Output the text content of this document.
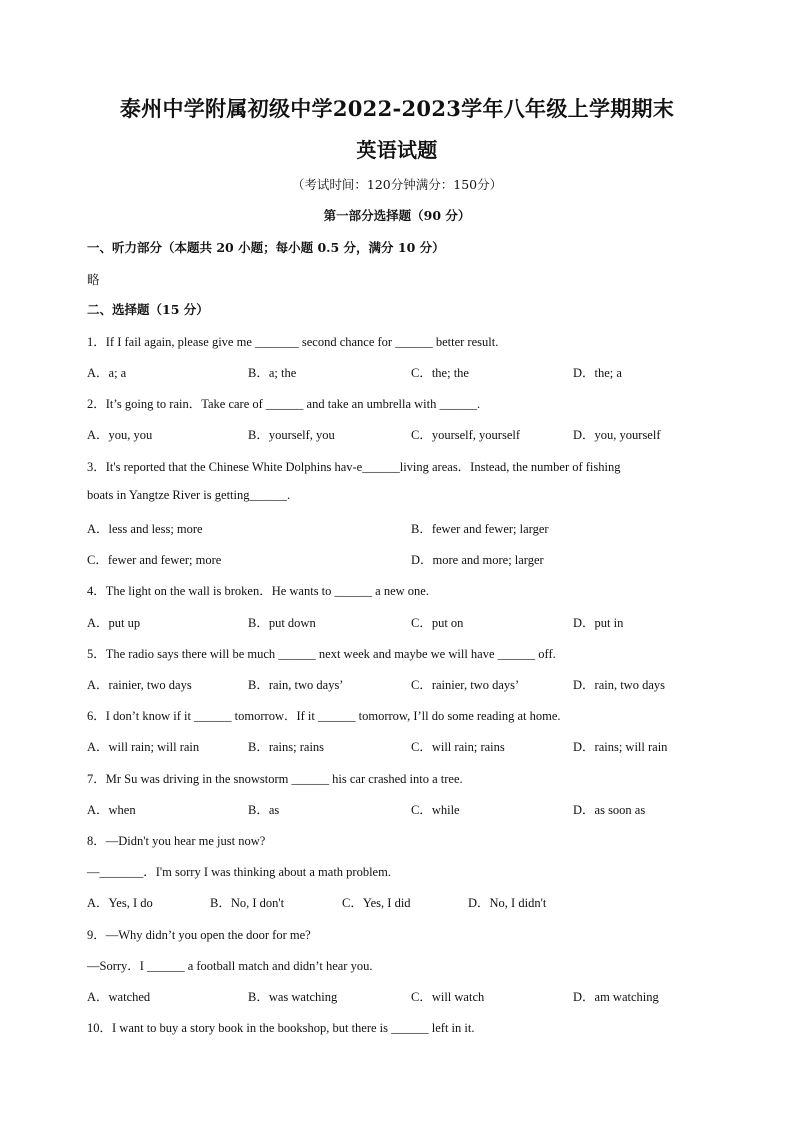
泰州中学附属初级中学2022-2023学年八年级上学期期末
英语试题
（考试时间：120分钟满分：150分）
第一部分选择题（90 分）
一、听力部分（本题共 20 小题；每小题 0.5 分，满分 10 分）
略
二、选择题（15 分）
1．If I fail again, please give me _______ second chance for ______ better result.
A．a; a	B．a; the	C．the; the	D．the; a
2．It’s going to rain．Take care of ______ and take an umbrella with ______.
A．you, you	B．yourself, you	C．yourself, yourself	D．you, yourself
3．It's reported that the Chinese White Dolphins hav-e______living areas．Instead, the number of fishing
boats in Yangtze River is getting______.
A．less and less; more	B．fewer and fewer; larger
C．fewer and fewer; more	D．more and more; larger
4．The light on the wall is broken．He wants to ______ a new one.
A．put up	B．put down	C．put on	D．put in
5．The radio says there will be much ______ next week and maybe we will have ______ off.
A．rainier, two days	B．rain, two days’	C．rainier, two days’	D．rain, two days
6．I don’t know if it ______ tomorrow．If it ______ tomorrow, I’ll do some reading at home.
A．will rain; will rain	B．rains; rains	C．will rain; rains	D．rains; will rain
7．Mr Su was driving in the snowstorm ______ his car crashed into a tree.
A．when	B．as	C．while	D．as soon as
8．—Didn't you hear me just now?
—_______．I'm sorry I was thinking about a math problem.
A．Yes, I do	B．No, I don't	C．Yes, I did	D．No, I didn't
9．—Why didn’t you open the door for me?
—Sorry．I ______ a football match and didn’t hear you.
A．watched	B．was watching	C．will watch	D．am watching
10．I want to buy a story book in the bookshop, but there is ______ left in it.
